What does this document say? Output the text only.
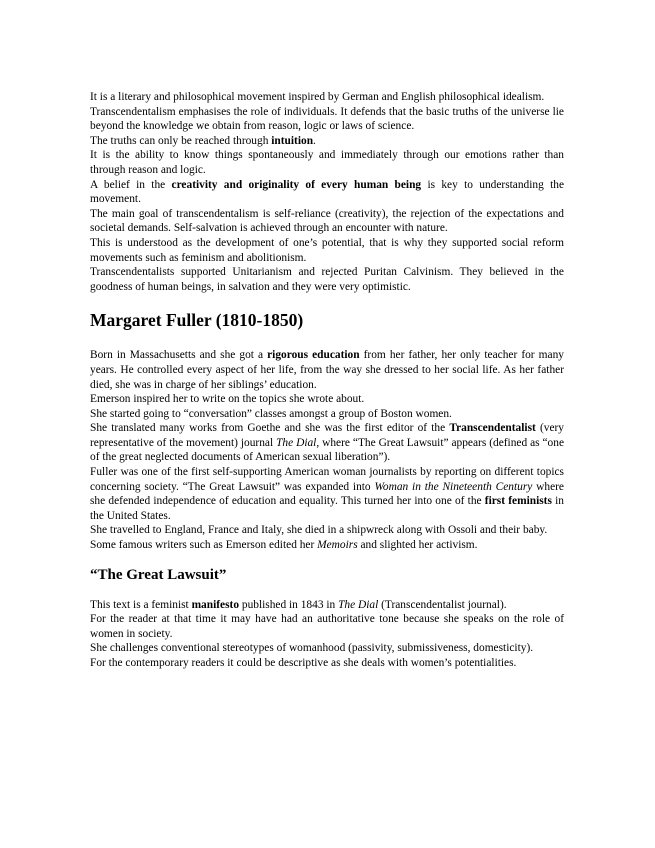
It is a literary and philosophical movement inspired by German and English philosophical idealism.

Transcendentalism emphasises the role of individuals. It defends that the basic truths of the universe lie beyond the knowledge we obtain from reason, logic or laws of science.

The truths can only be reached through intuition.

It is the ability to know things spontaneously and immediately through our emotions rather than through reason and logic.

A belief in the creativity and originality of every human being is key to understanding the movement.

The main goal of transcendentalism is self-reliance (creativity), the rejection of the expectations and societal demands. Self-salvation is achieved through an encounter with nature.

This is understood as the development of one’s potential, that is why they supported social reform movements such as feminism and abolitionism.

Transcendentalists supported Unitarianism and rejected Puritan Calvinism. They believed in the goodness of human beings, in salvation and they were very optimistic.

Margaret Fuller (1810-1850)

Born in Massachusetts and she got a rigorous education from her father, her only teacher for many years. He controlled every aspect of her life, from the way she dressed to her social life. As her father died, she was in charge of her siblings’ education.

Emerson inspired her to write on the topics she wrote about.

She started going to “conversation” classes amongst a group of Boston women.

She translated many works from Goethe and she was the first editor of the Transcendentalist (very representative of the movement) journal The Dial, where “The Great Lawsuit” appears (defined as “one of the great neglected documents of American sexual liberation”).

Fuller was one of the first self-supporting American woman journalists by reporting on different topics concerning society. “The Great Lawsuit” was expanded into Woman in the Nineteenth Century where she defended independence of education and equality. This turned her into one of the first feminists in the United States.

She travelled to England, France and Italy, she died in a shipwreck along with Ossoli and their baby.

Some famous writers such as Emerson edited her Memoirs and slighted her activism.

“The Great Lawsuit”

This text is a feminist manifesto published in 1843 in The Dial (Transcendentalist journal).

For the reader at that time it may have had an authoritative tone because she speaks on the role of women in society.

She challenges conventional stereotypes of womanhood (passivity, submissiveness, domesticity).

For the contemporary readers it could be descriptive as she deals with women’s potentialities.
